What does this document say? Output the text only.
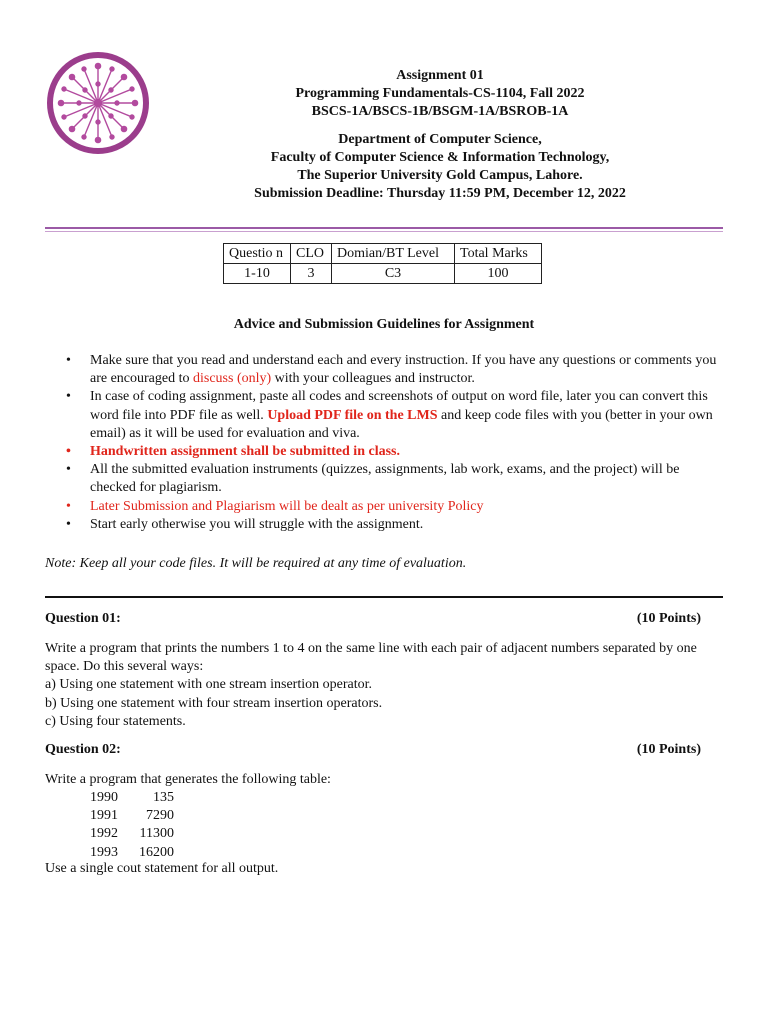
Assignment 01
Programming Fundamentals-CS-1104, Fall 2022
BSCS-1A/BSCS-1B/BSGM-1A/BSROB-1A
Department of Computer Science,
Faculty of Computer Science & Information Technology,
The Superior University Gold Campus, Lahore.
Submission Deadline: Thursday 11:59 PM, December 12, 2022
Questio n	CLO	Domian/BT Level	Total Marks
1-10	3	C3	100
Advice and Submission Guidelines for Assignment
• Make sure that you read and understand each and every instruction. If you have any questions or comments you are encouraged to discuss (only) with your colleagues and instructor.
• In case of coding assignment, paste all codes and screenshots of output on word file, later you can convert this word file into PDF file as well. Upload PDF file on the LMS and keep code files with you (better in your own email) as it will be used for evaluation and viva.
• Handwritten assignment shall be submitted in class.
• All the submitted evaluation instruments (quizzes, assignments, lab work, exams, and the project) will be checked for plagiarism.
• Later Submission and Plagiarism will be dealt as per university Policy
• Start early otherwise you will struggle with the assignment.
Note: Keep all your code files. It will be required at any time of evaluation.
Question 01:	(10 Points)
Write a program that prints the numbers 1 to 4 on the same line with each pair of adjacent numbers separated by one space. Do this several ways:
a) Using one statement with one stream insertion operator.
b) Using one statement with four stream insertion operators.
c) Using four statements.
Question 02:	(10 Points)
Write a program that generates the following table:
1990	135
1991	7290
1992	11300
1993	16200
Use a single cout statement for all output.
